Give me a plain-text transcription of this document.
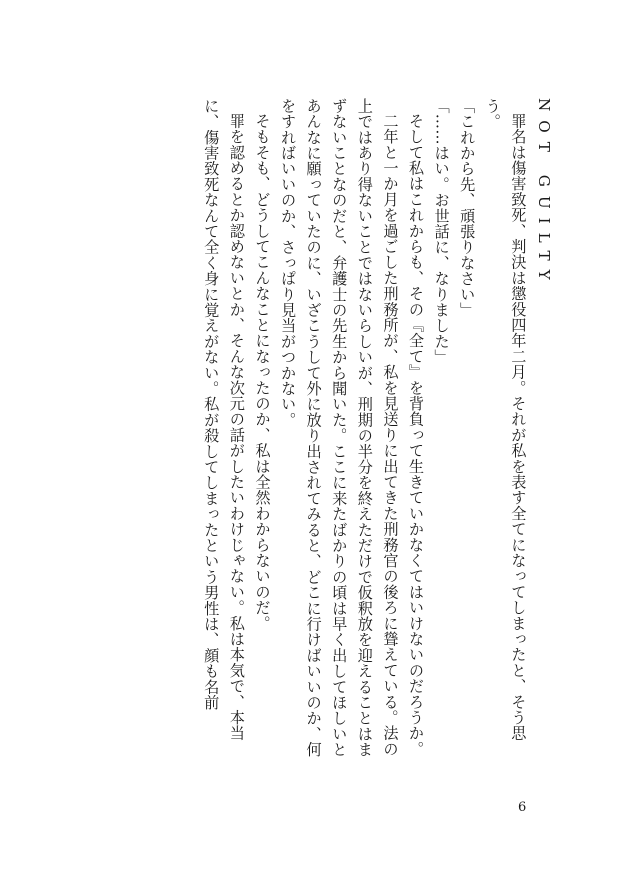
NOT GUILTY

罪名は傷害致死、判決は懲役四年二月。それが私を表す全てになってしまったと、そう思う。

「これから先、頑張りなさい」

「……はい。お世話に、なりました」

そして私はこれからも、その『全て』を背負って生きていかなくてはいけないのだろうか。

二年と一か月を過ごした刑務所が、私を見送りに出てきた刑務官の後ろに聳えている。法の上ではあり得ないことではないらしいが、刑期の半分を終えただけで仮釈放を迎えることはまずないことなのだと、弁護士の先生から聞いた。ここに来たばかりの頃は早く出してほしいとあんなに願っていたのに、いざこうして外に放り出されてみると、どこに行けばいいのか、何をすればいいのか、さっぱり見当がつかない。

そもそも、どうしてこんなことになったのか、私は全然わからないのだ。

罪を認めるとか認めないとか、そんな次元の話がしたいわけじゃない。私は本気で、本当に、傷害致死なんて全く身に覚えがない。私が殺してしまったという男性は、顔も名前

6
